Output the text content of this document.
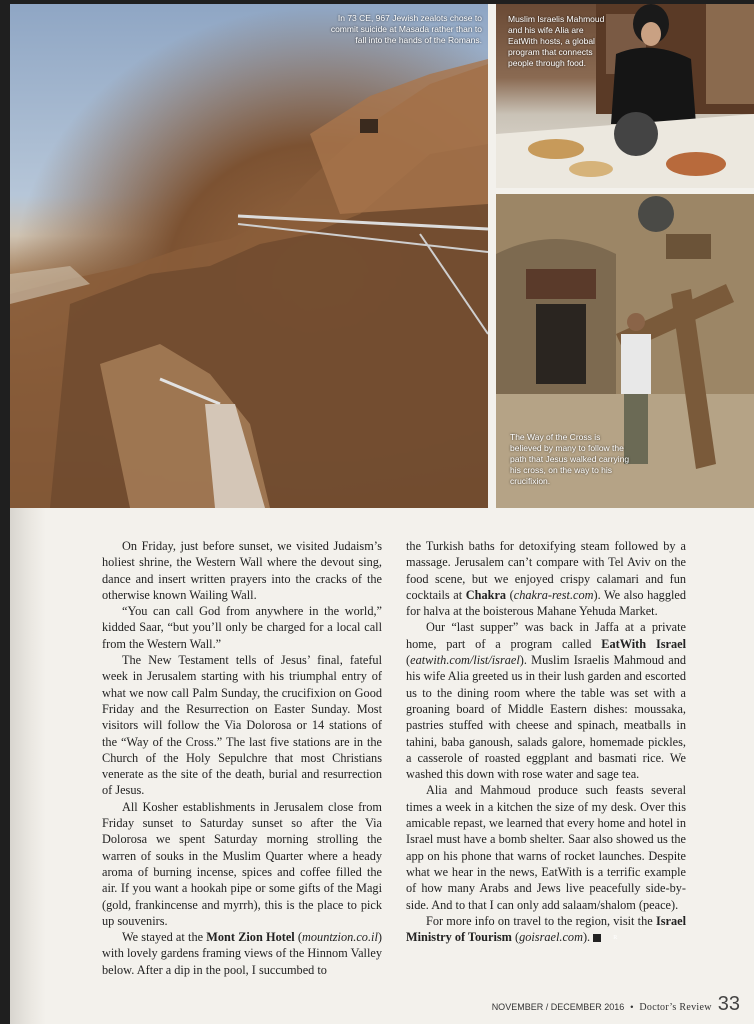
In 73 CE, 967 Jewish zealots chose to commit suicide at Masada rather than to fall into the hands of the Romans.
Muslim Israelis Mahmoud and his wife Alia are EatWith hosts, a global program that connects people through food.
The Way of the Cross is believed by many to follow the path that Jesus walked carrying his cross, on the way to his crucifixion.

On Friday, just before sunset, we visited Judaism’s holiest shrine, the Western Wall where the devout sing, dance and insert written prayers into the cracks of the otherwise known Wailing Wall.

“You can call God from anywhere in the world,” kidded Saar, “but you’ll only be charged for a local call from the Western Wall.”

The New Testament tells of Jesus’ final, fateful week in Jerusalem starting with his triumphal entry of what we now call Palm Sunday, the crucifixion on Good Friday and the Resurrection on Easter Sunday. Most visitors will follow the Via Dolorosa or 14 stations of the “Way of the Cross.” The last five stations are in the Church of the Holy Sepulchre that most Christians venerate as the site of the death, burial and resurrection of Jesus.

All Kosher establishments in Jerusalem close from Friday sunset to Saturday sunset so after the Via Dolorosa we spent Saturday morning strolling the warren of souks in the Muslim Quarter where a heady aroma of burning incense, spices and coffee filled the air. If you want a hookah pipe or some gifts of the Magi (gold, frankincense and myrrh), this is the place to pick up souvenirs.

We stayed at the Mont Zion Hotel (mountzion.co.il) with lovely gardens framing views of the Hinnom Valley below. After a dip in the pool, I succumbed to

the Turkish baths for detoxifying steam followed by a massage. Jerusalem can’t compare with Tel Aviv on the food scene, but we enjoyed crispy calamari and fun cocktails at Chakra (chakra-rest.com). We also haggled for halva at the boisterous Mahane Yehuda Market.

Our “last supper” was back in Jaffa at a private home, part of a program called EatWith Israel (eatwith.com/list/israel). Muslim Israelis Mahmoud and his wife Alia greeted us in their lush garden and escorted us to the dining room where the table was set with a groaning board of Middle Eastern dishes: moussaka, pastries stuffed with cheese and spinach, meatballs in tahini, baba ganoush, salads galore, homemade pickles, a casserole of roasted eggplant and basmati rice. We washed this down with rose water and sage tea.

Alia and Mahmoud produce such feasts several times a week in a kitchen the size of my desk. Over this amicable repast, we learned that every home and hotel in Israel must have a bomb shelter. Saar also showed us the app on his phone that warns of rocket launches. Despite what we hear in the news, EatWith is a terrific example of how many Arabs and Jews live peacefully side-by-side. And to that I can only add salaam/shalom (peace).

For more info on travel to the region, visit the Israel Ministry of Tourism (goisrael.com).	R

NOVEMBER / DECEMBER 2016 • Doctor’s Review 33
